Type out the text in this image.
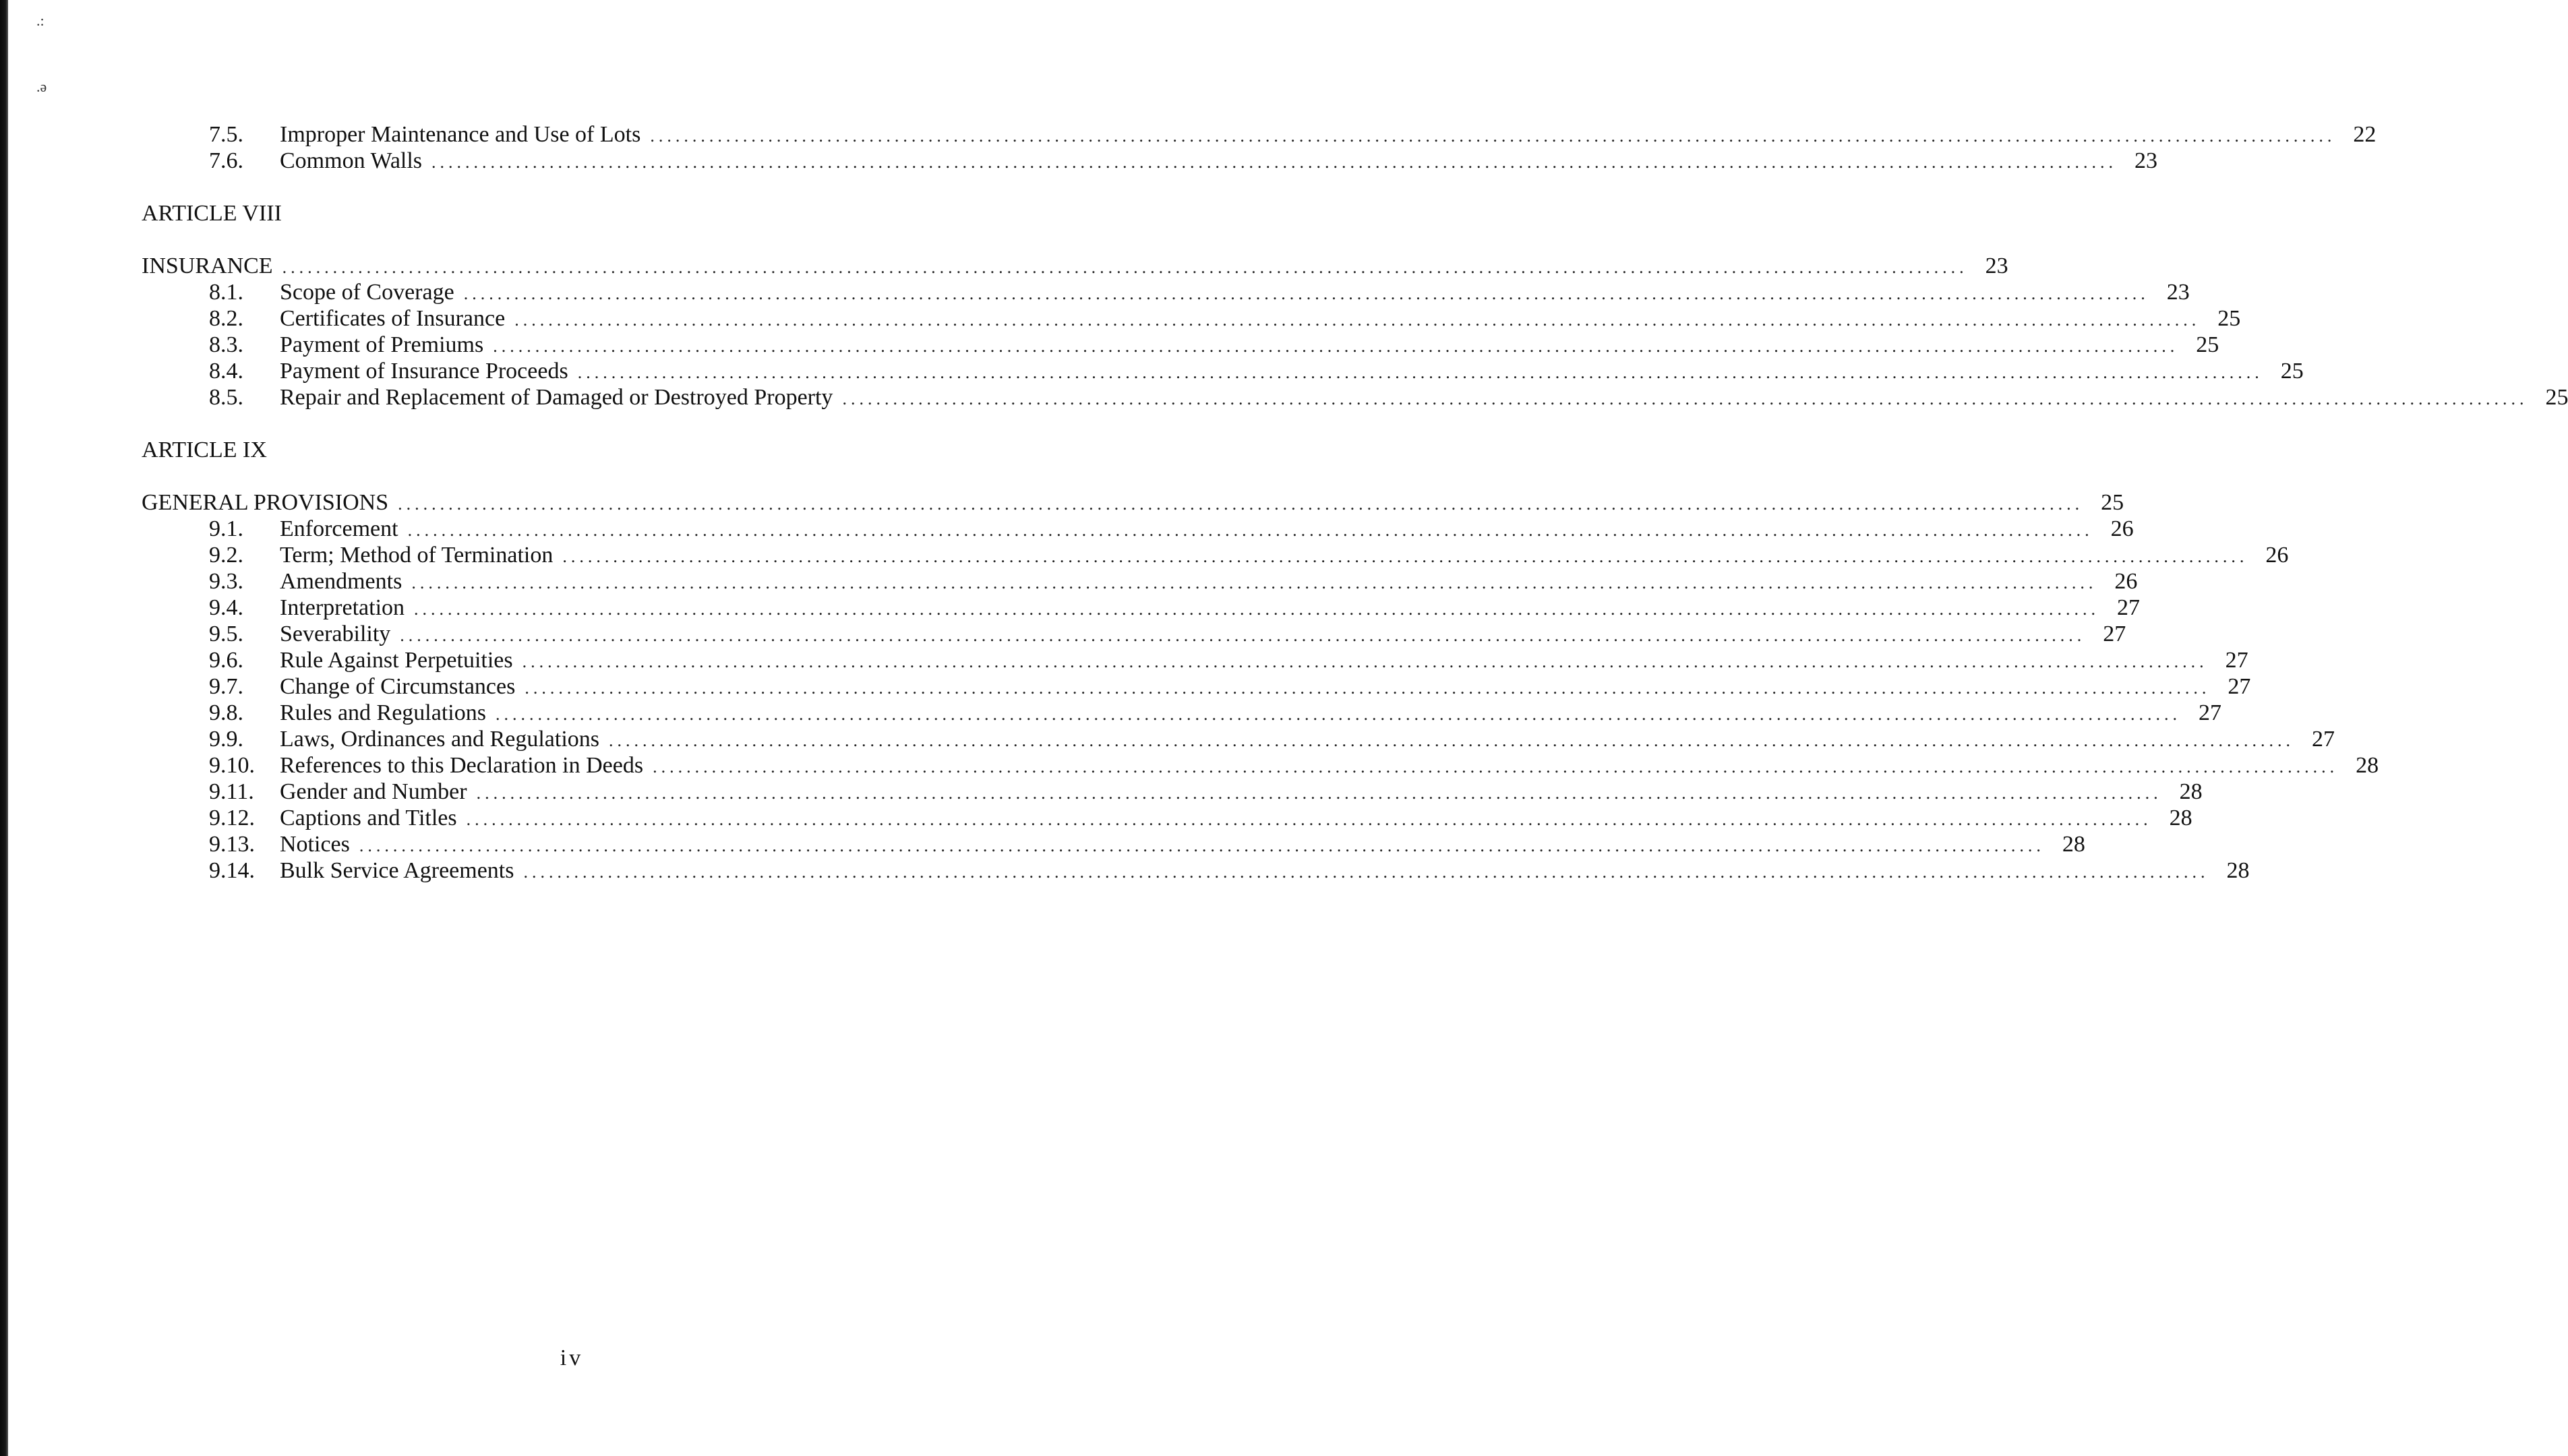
.:
.ǝ
7.5.	Improper Maintenance and Use of Lots ........................................................................................................................................................................................................ 22
7.6.	Common Walls ........................................................................................................................................................................................................ 23
ARTICLE VIII
INSURANCE ........................................................................................................................................................................................................ 23
8.1.	Scope of Coverage ........................................................................................................................................................................................................ 23
8.2.	Certificates of Insurance ........................................................................................................................................................................................................ 25
8.3.	Payment of Premiums ........................................................................................................................................................................................................ 25
8.4.	Payment of Insurance Proceeds ........................................................................................................................................................................................................ 25
8.5.	Repair and Replacement of Damaged or Destroyed Property ........................................................................................................................................................................................................ 25
ARTICLE IX
GENERAL PROVISIONS ........................................................................................................................................................................................................ 25
9.1.	Enforcement ........................................................................................................................................................................................................ 26
9.2.	Term; Method of Termination ........................................................................................................................................................................................................ 26
9.3.	Amendments ........................................................................................................................................................................................................ 26
9.4.	Interpretation ........................................................................................................................................................................................................ 27
9.5.	Severability ........................................................................................................................................................................................................ 27
9.6.	Rule Against Perpetuities ........................................................................................................................................................................................................ 27
9.7.	Change of Circumstances ........................................................................................................................................................................................................ 27
9.8.	Rules and Regulations ........................................................................................................................................................................................................ 27
9.9.	Laws, Ordinances and Regulations ........................................................................................................................................................................................................ 27
9.10.	References to this Declaration in Deeds ........................................................................................................................................................................................................ 28
9.11.	Gender and Number ........................................................................................................................................................................................................ 28
9.12.	Captions and Titles ........................................................................................................................................................................................................ 28
9.13.	Notices ........................................................................................................................................................................................................ 28
9.14.	Bulk Service Agreements ........................................................................................................................................................................................................ 28
iv
